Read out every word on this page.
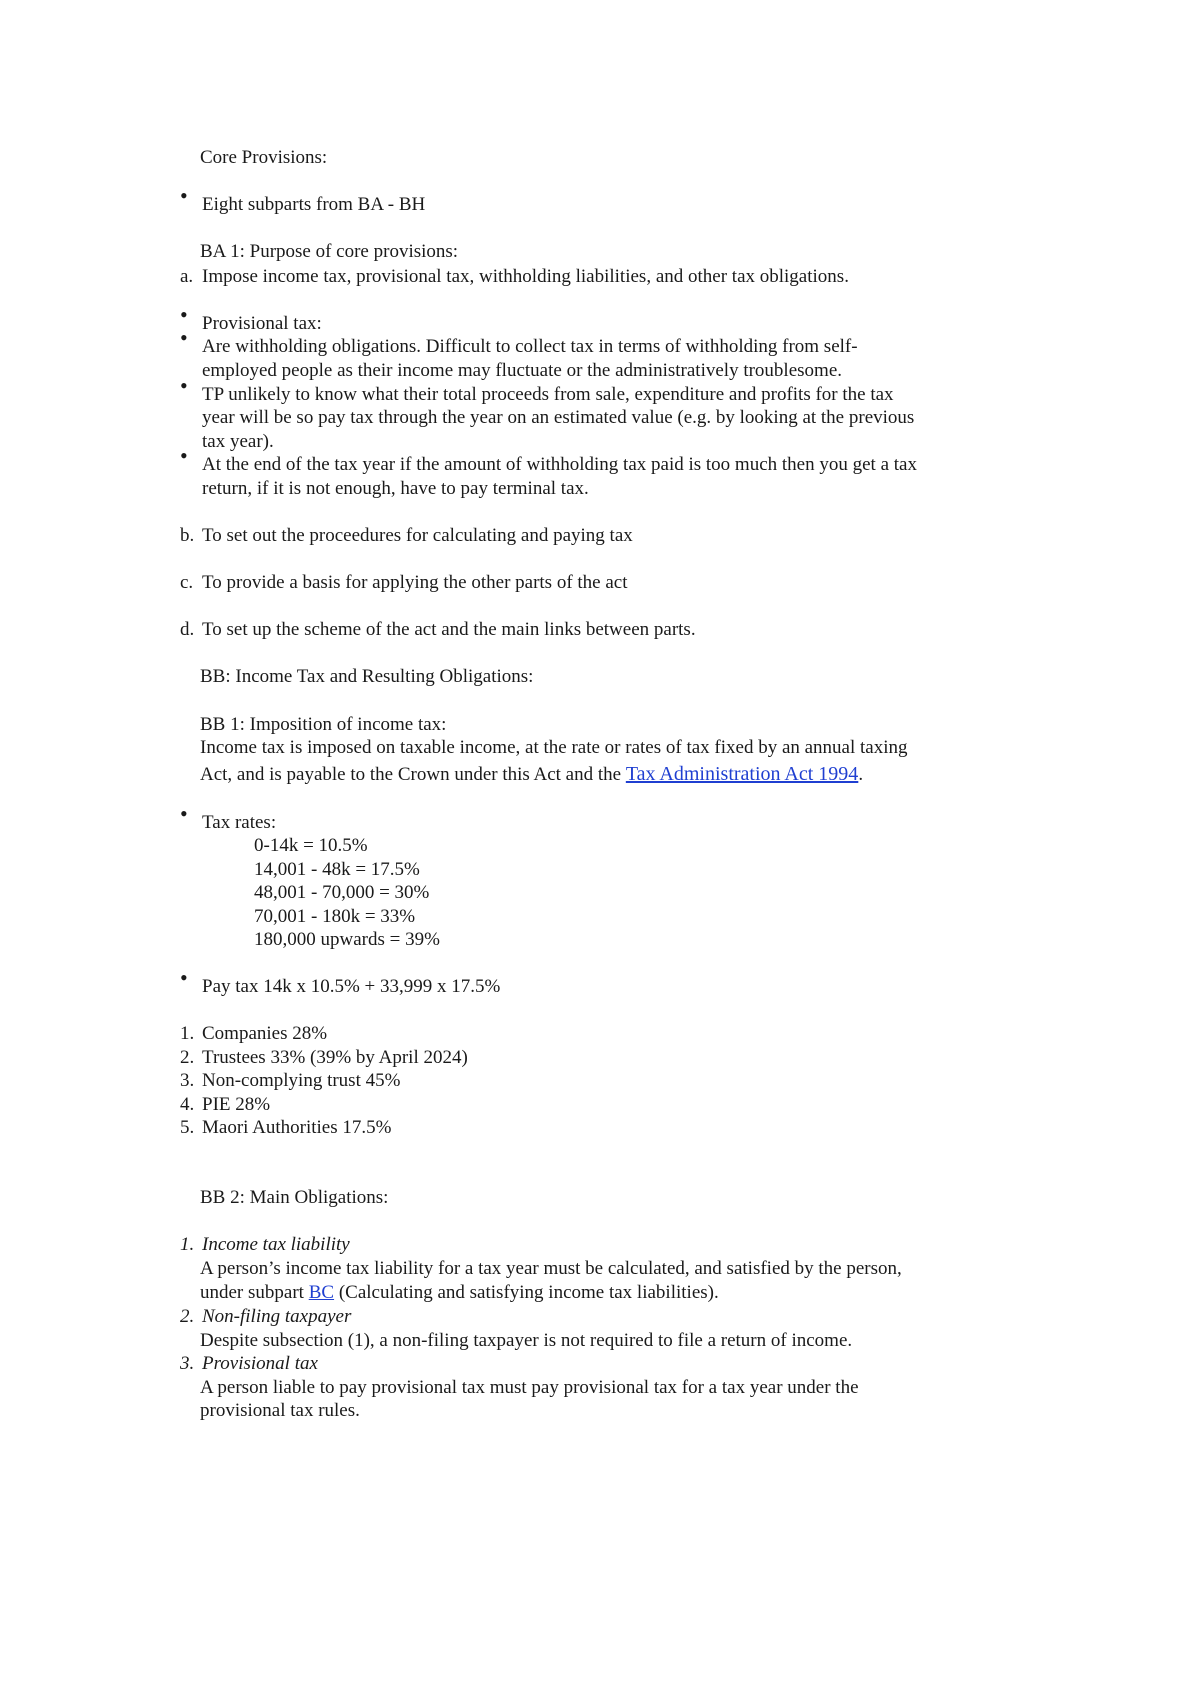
Core Provisions:
• Eight subparts from BA - BH
BA 1: Purpose of core provisions:
a. Impose income tax, provisional tax, withholding liabilities, and other tax obligations.
• Provisional tax:
• Are withholding obligations. Difficult to collect tax in terms of withholding from self-
employed people as their income may fluctuate or the administratively troublesome.
• TP unlikely to know what their total proceeds from sale, expenditure and profits for the tax
year will be so pay tax through the year on an estimated value (e.g. by looking at the previous
tax year).
• At the end of the tax year if the amount of withholding tax paid is too much then you get a tax
return, if it is not enough, have to pay terminal tax.
b. To set out the proceedures for calculating and paying tax
c. To provide a basis for applying the other parts of the act
d. To set up the scheme of the act and the main links between parts.
BB: Income Tax and Resulting Obligations:
BB 1: Imposition of income tax:
Income tax is imposed on taxable income, at the rate or rates of tax fixed by an annual taxing
Act, and is payable to the Crown under this Act and the Tax Administration Act 1994.
• Tax rates:
0-14k = 10.5%
14,001 - 48k = 17.5%
48,001 - 70,000 = 30%
70,001 - 180k = 33%
180,000 upwards = 39%
• Pay tax 14k x 10.5% + 33,999 x 17.5%
1. Companies 28%
2. Trustees 33% (39% by April 2024)
3. Non-complying trust 45%
4. PIE 28%
5. Maori Authorities 17.5%
BB 2: Main Obligations:
1. Income tax liability
A person’s income tax liability for a tax year must be calculated, and satisfied by the person,
under subpart BC (Calculating and satisfying income tax liabilities).
2. Non-filing taxpayer
Despite subsection (1), a non-filing taxpayer is not required to file a return of income.
3. Provisional tax
A person liable to pay provisional tax must pay provisional tax for a tax year under the
provisional tax rules.
